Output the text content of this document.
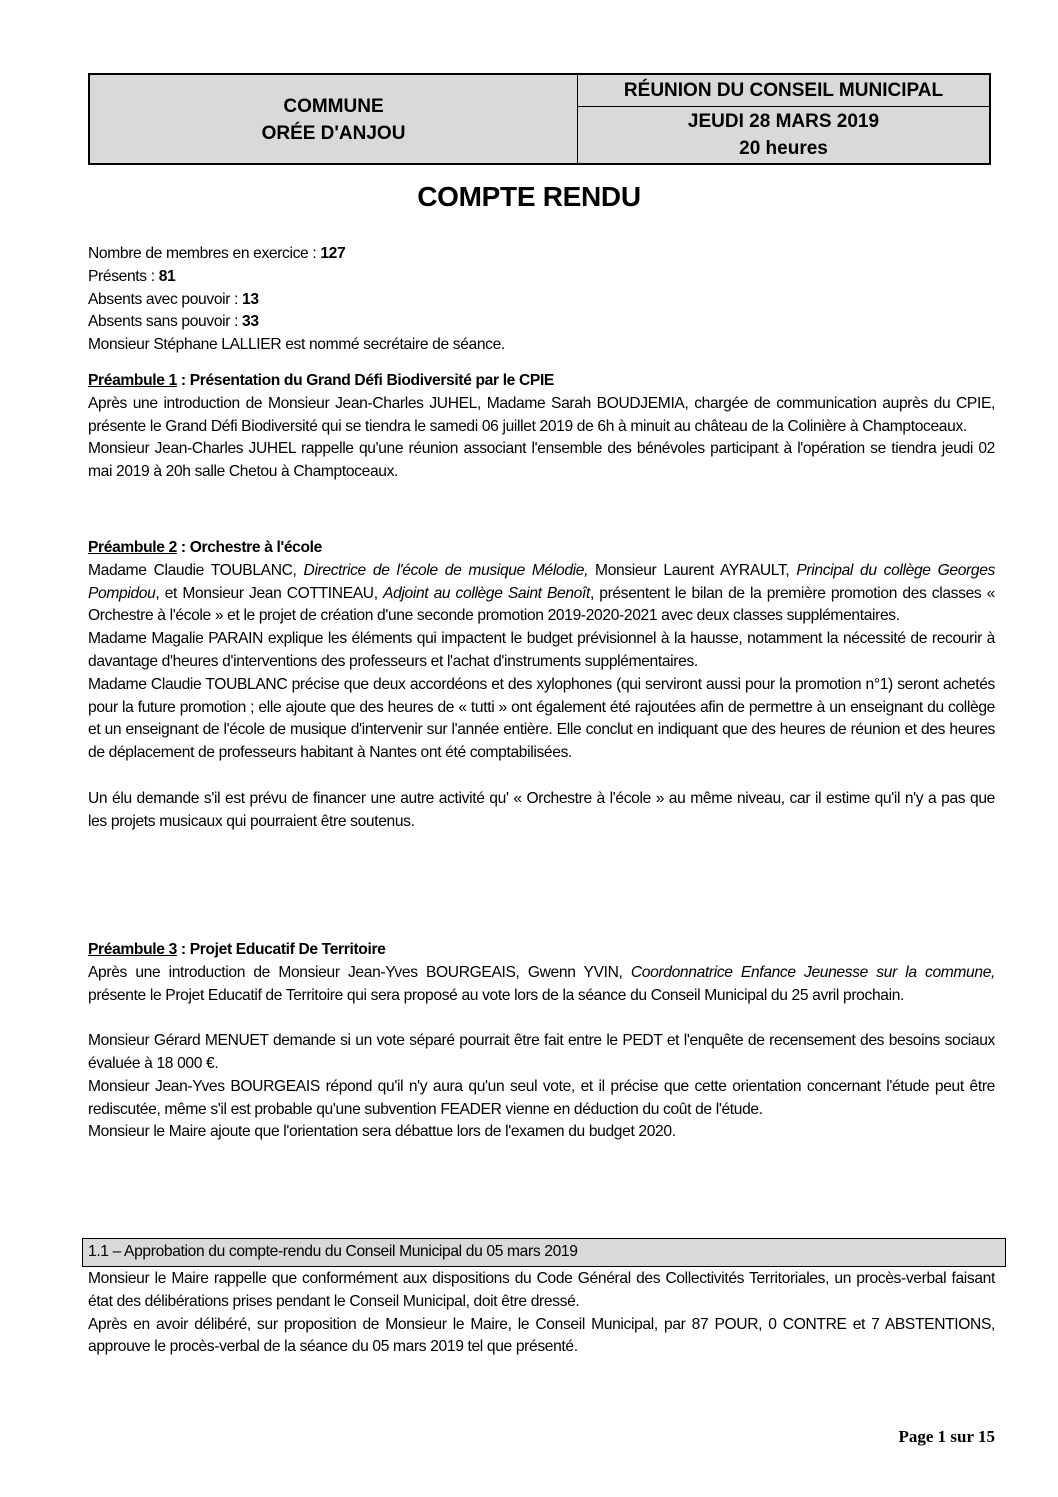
COMMUNE
ORÉE D'ANJOU
RÉUNION DU CONSEIL MUNICIPAL
JEUDI 28 MARS 2019
20 heures
COMPTE RENDU

Nombre de membres en exercice : 127

Présents : 81

Absents avec pouvoir : 13

Absents sans pouvoir : 33

Monsieur Stéphane LALLIER est nommé secrétaire de séance.

Préambule 1 : Présentation du Grand Défi Biodiversité par le CPIE

Après une introduction de Monsieur Jean-Charles JUHEL, Madame Sarah BOUDJEMIA, chargée de communication auprès du CPIE, présente le Grand Défi Biodiversité qui se tiendra le samedi 06 juillet 2019 de 6h à minuit au château de la Colinière à Champtoceaux.

Monsieur Jean-Charles JUHEL rappelle qu'une réunion associant l'ensemble des bénévoles participant à l'opération se tiendra jeudi 02 mai 2019 à 20h salle Chetou à Champtoceaux.

Préambule 2 : Orchestre à l'école

Madame Claudie TOUBLANC, Directrice de l'école de musique Mélodie, Monsieur Laurent AYRAULT, Principal du collège Georges Pompidou, et Monsieur Jean COTTINEAU, Adjoint au collège Saint Benoît, présentent le bilan de la première promotion des classes « Orchestre à l'école » et le projet de création d'une seconde promotion 2019-2020-2021 avec deux classes supplémentaires.

Madame Magalie PARAIN explique les éléments qui impactent le budget prévisionnel à la hausse, notamment la nécessité de recourir à davantage d'heures d'interventions des professeurs et l'achat d'instruments supplémentaires.

Madame Claudie TOUBLANC précise que deux accordéons et des xylophones (qui serviront aussi pour la promotion n°1) seront achetés pour la future promotion ; elle ajoute que des heures de « tutti » ont également été rajoutées afin de permettre à un enseignant du collège et un enseignant de l'école de musique d'intervenir sur l'année entière. Elle conclut en indiquant que des heures de réunion et des heures de déplacement de professeurs habitant à Nantes ont été comptabilisées.

Un élu demande s'il est prévu de financer une autre activité qu' « Orchestre à l'école » au même niveau, car il estime qu'il n'y a pas que les projets musicaux qui pourraient être soutenus.

Préambule 3 : Projet Educatif De Territoire

Après une introduction de Monsieur Jean-Yves BOURGEAIS, Gwenn YVIN, Coordonnatrice Enfance Jeunesse sur la commune, présente le Projet Educatif de Territoire qui sera proposé au vote lors de la séance du Conseil Municipal du 25 avril prochain.

Monsieur Gérard MENUET demande si un vote séparé pourrait être fait entre le PEDT et l'enquête de recensement des besoins sociaux évaluée à 18 000 €.

Monsieur Jean-Yves BOURGEAIS répond qu'il n'y aura qu'un seul vote, et il précise que cette orientation concernant l'étude peut être rediscutée, même s'il est probable qu'une subvention FEADER vienne en déduction du coût de l'étude.

Monsieur le Maire ajoute que l'orientation sera débattue lors de l'examen du budget 2020.

1.1 – Approbation du compte-rendu du Conseil Municipal du 05 mars 2019

Monsieur le Maire rappelle que conformément aux dispositions du Code Général des Collectivités Territoriales, un procès-verbal faisant état des délibérations prises pendant le Conseil Municipal, doit être dressé.

Après en avoir délibéré, sur proposition de Monsieur le Maire, le Conseil Municipal, par 87 POUR, 0 CONTRE et 7 ABSTENTIONS, approuve le procès-verbal de la séance du 05 mars 2019 tel que présenté.

Page 1 sur 15
